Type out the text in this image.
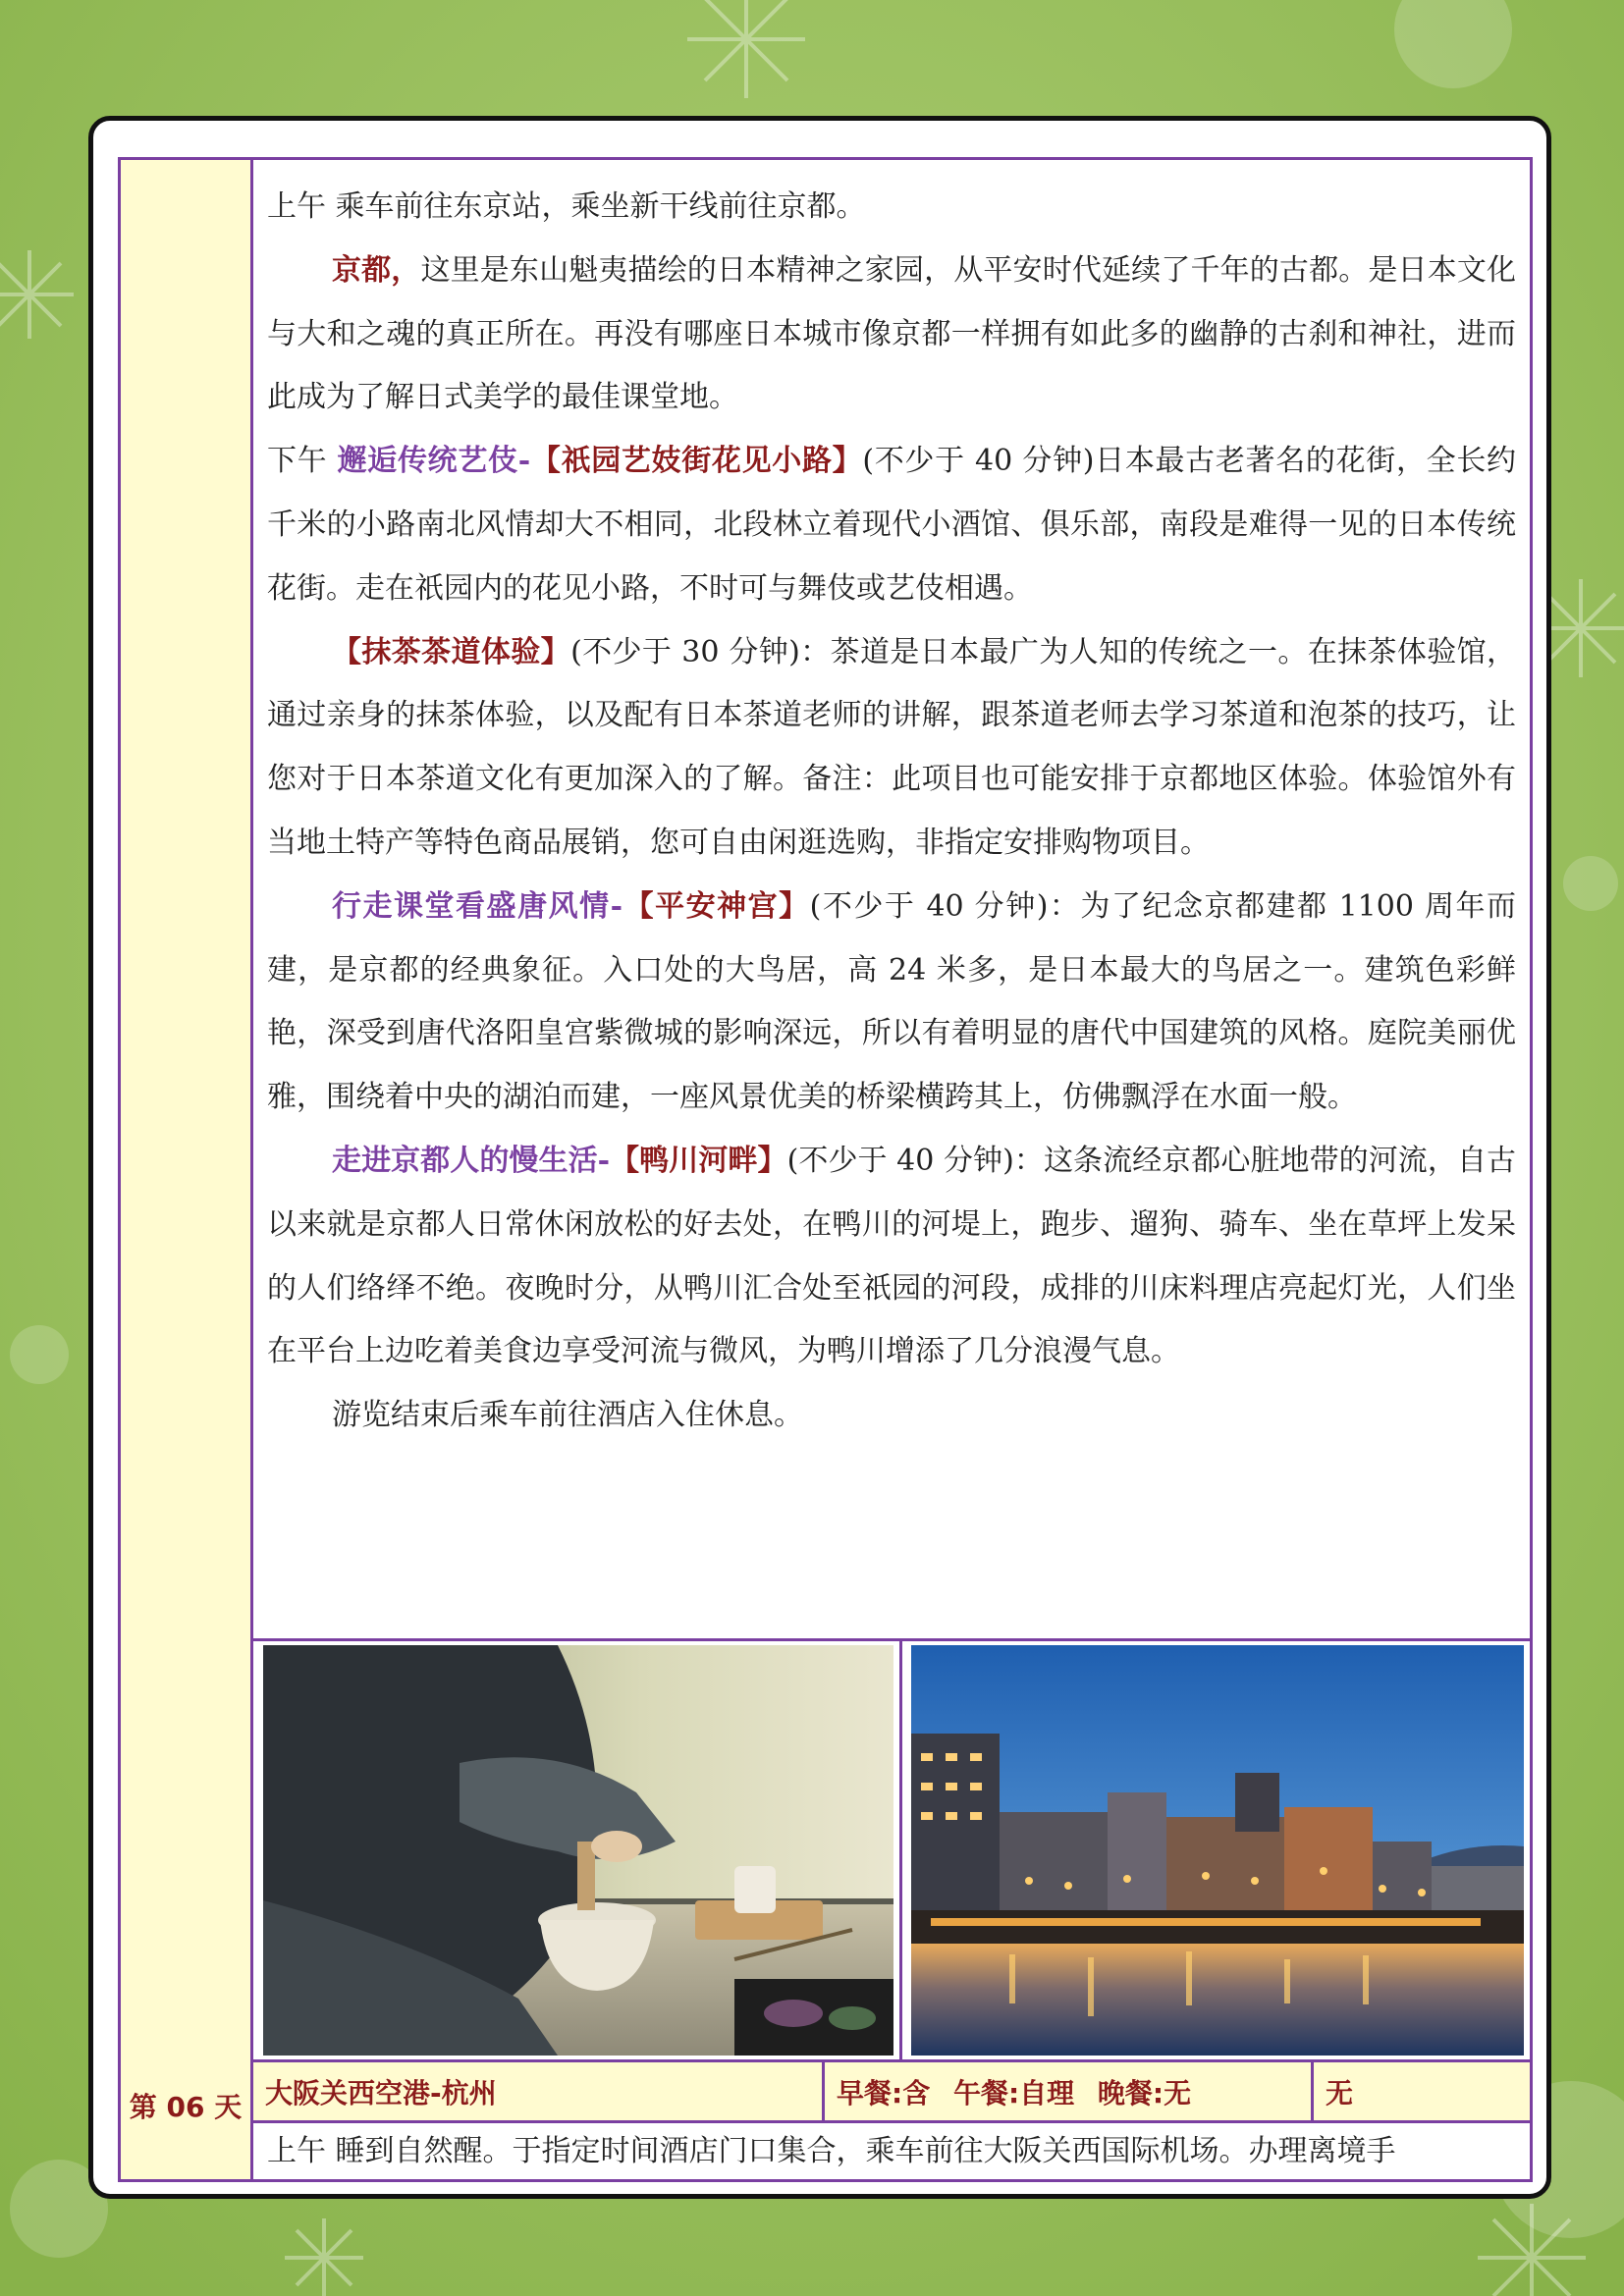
上午 乘车前往东京站，乘坐新干线前往京都。

京都，这里是东山魁夷描绘的日本精神之家园，从平安时代延续了千年的古都。是日本文化与大和之魂的真正所在。再没有哪座日本城市像京都一样拥有如此多的幽静的古刹和神社，进而此成为了解日式美学的最佳课堂地。

下午 邂逅传统艺伎-【祇园艺妓街花见小路】(不少于 40 分钟)日本最古老著名的花街，全长约千米的小路南北风情却大不相同，北段林立着现代小酒馆、俱乐部，南段是难得一见的日本传统花街。走在祇园内的花见小路，不时可与舞伎或艺伎相遇。

【抹茶茶道体验】(不少于 30 分钟)：茶道是日本最广为人知的传统之一。在抹茶体验馆，通过亲身的抹茶体验，以及配有日本茶道老师的讲解，跟茶道老师去学习茶道和泡茶的技巧，让您对于日本茶道文化有更加深入的了解。备注：此项目也可能安排于京都地区体验。体验馆外有当地土特产等特色商品展销，您可自由闲逛选购，非指定安排购物项目。

行走课堂看盛唐风情-【平安神宫】(不少于 40 分钟)：为了纪念京都建都 1100 周年而建，是京都的经典象征。入口处的大鸟居，高 24 米多，是日本最大的鸟居之一。建筑色彩鲜艳，深受到唐代洛阳皇宫紫微城的影响深远，所以有着明显的唐代中国建筑的风格。庭院美丽优雅，围绕着中央的湖泊而建，一座风景优美的桥梁横跨其上，仿佛飘浮在水面一般。

走进京都人的慢生活-【鸭川河畔】(不少于 40 分钟)：这条流经京都心脏地带的河流，自古以来就是京都人日常休闲放松的好去处，在鸭川的河堤上，跑步、遛狗、骑车、坐在草坪上发呆的人们络绎不绝。夜晚时分，从鸭川汇合处至祇园的河段，成排的川床料理店亮起灯光，人们坐在平台上边吃着美食边享受河流与微风，为鸭川增添了几分浪漫气息。

游览结束后乘车前往酒店入住休息。

第 06 天 大阪关西空港-杭州	早餐:含 午餐:自理 晚餐:无	无

上午 睡到自然醒。于指定时间酒店门口集合，乘车前往大阪关西国际机场。办理离境手
